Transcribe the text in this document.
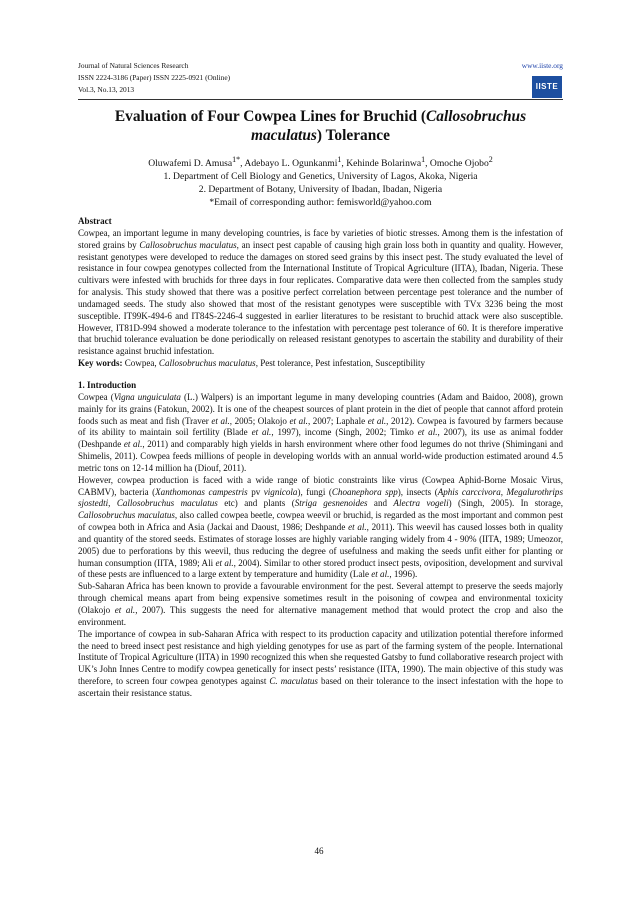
Journal of Natural Sciences Research
ISSN 2224-3186 (Paper) ISSN 2225-0921 (Online)
Vol.3, No.13, 2013
www.iiste.org
IISTE
Evaluation of Four Cowpea Lines for Bruchid (Callosobruchus
maculatus) Tolerance
Oluwafemi D. Amusa$^{1*}$, Adebayo L. Ogunkanmi$^1$, Kehinde Bolarinwa$^1$, Omoche Ojobo$^2$
1. Department of Cell Biology and Genetics, University of Lagos, Akoka, Nigeria
2. Department of Botany, University of Ibadan, Ibadan, Nigeria
*Email of corresponding author: femisworld@yahoo.com

Abstract

Cowpea, an important legume in many developing countries, is face by varieties of biotic stresses. Among them is the infestation of stored grains by Callosobruchus maculatus, an insect pest capable of causing high grain loss both in quantity and quality. However, resistant genotypes were developed to reduce the damages on stored seed grains by this insect pest. The study evaluated the level of resistance in four cowpea genotypes collected from the International Institute of Tropical Agriculture (IITA), Ibadan, Nigeria. These cultivars were infested with bruchids for three days in four replicates. Comparative data were then collected from the samples study for analysis. This study showed that there was a positive perfect correlation between percentage pest tolerance and the number of undamaged seeds. The study also showed that most of the resistant genotypes were susceptible with TVx 3236 being the most susceptible. IT99K-494-6 and IT84S-2246-4 suggested in earlier literatures to be resistant to bruchid attack were also susceptible. However, IT81D-994 showed a moderate tolerance to the infestation with percentage pest tolerance of 60. It is therefore imperative that bruchid tolerance evaluation be done periodically on released resistant genotypes to ascertain the stability and durability of their resistance against bruchid infestation.

Key words: Cowpea, Callosobruchus maculatus, Pest tolerance, Pest infestation, Susceptibility

1. Introduction

Cowpea (Vigna unguiculata (L.) Walpers) is an important legume in many developing countries (Adam and Baidoo, 2008), grown mainly for its grains (Fatokun, 2002). It is one of the cheapest sources of plant protein in the diet of people that cannot afford protein foods such as meat and fish (Traver et al., 2005; Olakojo et al., 2007; Laphale et al., 2012). Cowpea is favoured by farmers because of its ability to maintain soil fertility (Blade et al., 1997), income (Singh, 2002; Timko et al., 2007), its use as animal fodder (Deshpande et al., 2011) and comparably high yields in harsh environment where other food legumes do not thrive (Shimingani and Shimelis, 2011). Cowpea feeds millions of people in developing worlds with an annual world-wide production estimated around 4.5 metric tons on 12-14 million ha (Diouf, 2011).

However, cowpea production is faced with a wide range of biotic constraints like virus (Cowpea Aphid-Borne Mosaic Virus, CABMV), bacteria (Xanthomonas campestris pv vignicola), fungi (Choanephora spp), insects (Aphis carccivora, Megalurothrips sjostedti, Callosobruchus maculatus etc) and plants (Striga gesnenoides and Alectra vogeli) (Singh, 2005). In storage, Callosobruchus maculatus, also called cowpea beetle, cowpea weevil or bruchid, is regarded as the most important and common pest of cowpea both in Africa and Asia (Jackai and Daoust, 1986; Deshpande et al., 2011). This weevil has caused losses both in quality and quantity of the stored seeds. Estimates of storage losses are highly variable ranging widely from 4 - 90% (IITA, 1989; Umeozor, 2005) due to perforations by this weevil, thus reducing the degree of usefulness and making the seeds unfit either for planting or human consumption (IITA, 1989; Ali et al., 2004). Similar to other stored product insect pests, oviposition, development and survival of these pests are influenced to a large extent by temperature and humidity (Lale et al., 1996).

Sub-Saharan Africa has been known to provide a favourable environment for the pest. Several attempt to preserve the seeds majorly through chemical means apart from being expensive sometimes result in the poisoning of cowpea and environmental toxicity (Olakojo et al., 2007). This suggests the need for alternative management method that would protect the crop and also the environment.

The importance of cowpea in sub-Saharan Africa with respect to its production capacity and utilization potential therefore informed the need to breed insect pest resistance and high yielding genotypes for use as part of the farming system of the people. International Institute of Tropical Agriculture (IITA) in 1990 recognized this when she requested Gatsby to fund collaborative research project with UK’s John Innes Centre to modify cowpea genetically for insect pests’ resistance (IITA, 1990). The main objective of this study was therefore, to screen four cowpea genotypes against C. maculatus based on their tolerance to the insect infestation with the hope to ascertain their resistance status.

46
